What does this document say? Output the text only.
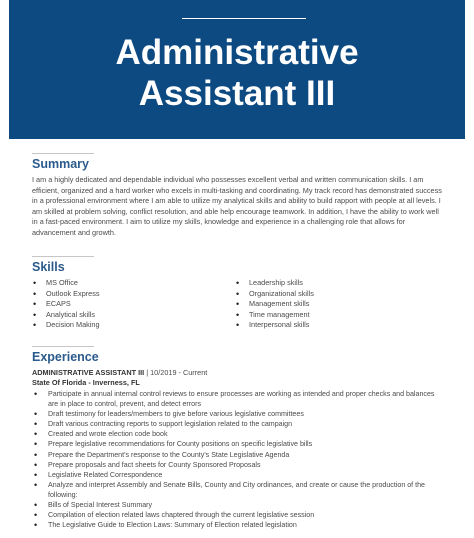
Administrative
Assistant III
Summary

I am a highly dedicated and dependable individual who possesses excellent verbal and written communication skills. I am efficient, organized and a hard worker who excels in multi-tasking and coordinating. My track record has demonstrated success in a professional environment where I am able to utilize my analytical skills and ability to build rapport with people at all levels. I am skilled at problem solving, conflict resolution, and able help encourage teamwork. In addition, I have the ability to work well in a fast-paced environment. I aim to utilize my skills, knowledge and experience in a challenging role that allows for advancement and growth.

Skills
• MS Office
• Outlook Express
• ECAPS
• Analytical skills
• Decision Making
• Leadership skills
• Organizational skills
• Management skills
• Time management
• Interpersonal skills
Experience
ADMINISTRATIVE ASSISTANT III | 10/2019 - Current
State Of Florida - Inverness, FL
• Participate in annual internal control reviews to ensure processes are working as intended and proper checks and balances are in place to control, prevent, and detect errors
• Draft testimony for leaders/members to give before various legislative committees
• Draft various contracting reports to support legislation related to the campaign
• Created and wrote election code book
• Prepare legislative recommendations for County positions on specific legislative bills
• Prepare the Department's response to the County's State Legislative Agenda
• Prepare proposals and fact sheets for County Sponsored Proposals
• Legislative Related Correspondence
• Analyze and interpret Assembly and Senate Bills, County and City ordinances, and create or cause the production of the following:
• Bills of Special Interest Summary
• Compilation of election related laws chaptered through the current legislative session
• The Legislative Guide to Election Laws: Summary of Election related legislation
